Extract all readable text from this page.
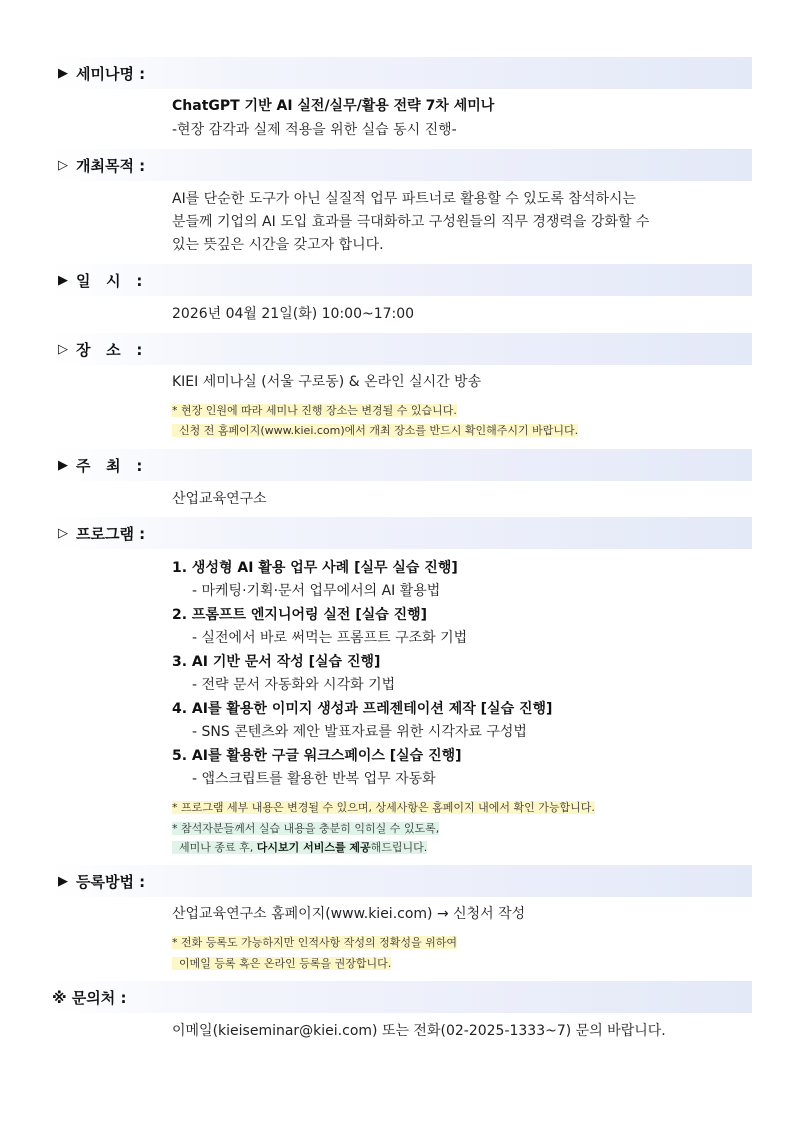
▶ 세미나명 :
ChatGPT 기반 AI 실전/실무/활용 전략 7차 세미나
-현장 감각과 실제 적용을 위한 실습 동시 진행-
▷ 개최목적 :
AI를 단순한 도구가 아닌 실질적 업무 파트너로 활용할 수 있도록 참석하시는
분들께 기업의 AI 도입 효과를 극대화하고 구성원들의 직무 경쟁력을 강화할 수
있는 뜻깊은 시간을 갖고자 합니다.
▶ 일   시   :
2026년 04월 21일(화) 10:00~17:00
▷ 장   소   :
KIEI 세미나실 (서울 구로동) & 온라인 실시간 방송
* 현장 인원에 따라 세미나 진행 장소는 변경될 수 있습니다.
신청 전 홈페이지(www.kiei.com)에서 개최 장소를 반드시 확인해주시기 바랍니다.
▶ 주   최   :
산업교육연구소
▷ 프로그램 :
1. 생성형 AI 활용 업무 사례 [실무 실습 진행]
- 마케팅·기획·문서 업무에서의 AI 활용법
2. 프롬프트 엔지니어링 실전 [실습 진행]
- 실전에서 바로 써먹는 프롬프트 구조화 기법
3. AI 기반 문서 작성 [실습 진행]
- 전략 문서 자동화와 시각화 기법
4. AI를 활용한 이미지 생성과 프레젠테이션 제작 [실습 진행]
- SNS 콘텐츠와 제안 발표자료를 위한 시각자료 구성법
5. AI를 활용한 구글 워크스페이스 [실습 진행]
- 앱스크립트를 활용한 반복 업무 자동화
* 프로그램 세부 내용은 변경될 수 있으며, 상세사항은 홈페이지 내에서 확인 가능합니다.
* 참석자분들께서 실습 내용을 충분히 익히실 수 있도록,
세미나 종료 후, 다시보기 서비스를 제공해드립니다.
▶ 등록방법 :
산업교육연구소 홈페이지(www.kiei.com) → 신청서 작성
* 전화 등록도 가능하지만 인적사항 작성의 정확성을 위하여
이메일 등록 혹은 온라인 등록을 권장합니다.
※ 문의처 :
이메일(kieiseminar@kiei.com) 또는 전화(02-2025-1333~7) 문의 바랍니다.
